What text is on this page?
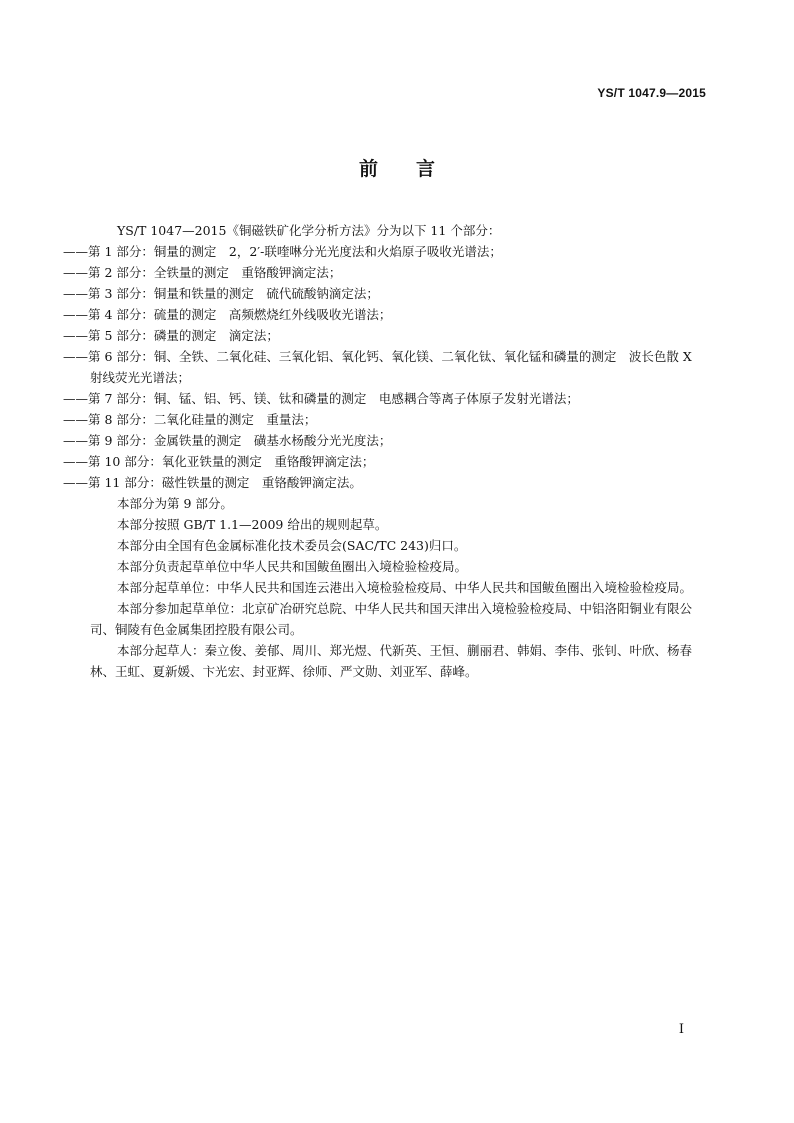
YS/T 1047.9—2015
前言

YS/T 1047—2015《铜磁铁矿化学分析方法》分为以下 11 个部分：

——第 1 部分：铜量的测定　2，2′-联喹啉分光光度法和火焰原子吸收光谱法；

——第 2 部分：全铁量的测定　重铬酸钾滴定法；

——第 3 部分：铜量和铁量的测定　硫代硫酸钠滴定法；

——第 4 部分：硫量的测定　高频燃烧红外线吸收光谱法；

——第 5 部分：磷量的测定　滴定法；

——第 6 部分：铜、全铁、二氧化硅、三氧化铝、氧化钙、氧化镁、二氧化钛、氧化锰和磷量的测定　波长色散 X 射线荧光光谱法；

——第 7 部分：铜、锰、铝、钙、镁、钛和磷量的测定　电感耦合等离子体原子发射光谱法；

——第 8 部分：二氧化硅量的测定　重量法；

——第 9 部分：金属铁量的测定　磺基水杨酸分光光度法；

——第 10 部分：氧化亚铁量的测定　重铬酸钾滴定法；

——第 11 部分：磁性铁量的测定　重铬酸钾滴定法。

本部分为第 9 部分。

本部分按照 GB/T 1.1—2009 给出的规则起草。

本部分由全国有色金属标准化技术委员会(SAC/TC 243)归口。

本部分负责起草单位中华人民共和国鲅鱼圈出入境检验检疫局。

本部分起草单位：中华人民共和国连云港出入境检验检疫局、中华人民共和国鲅鱼圈出入境检验检疫局。

本部分参加起草单位：北京矿冶研究总院、中华人民共和国天津出入境检验检疫局、中铝洛阳铜业有限公司、铜陵有色金属集团控股有限公司。

本部分起草人：秦立俊、姜郁、周川、郑光煜、代新英、王恒、蒯丽君、韩娟、李伟、张钊、叶欣、杨春林、王虹、夏新媛、卞光宏、封亚辉、徐师、严文勋、刘亚军、薛峰。

I
